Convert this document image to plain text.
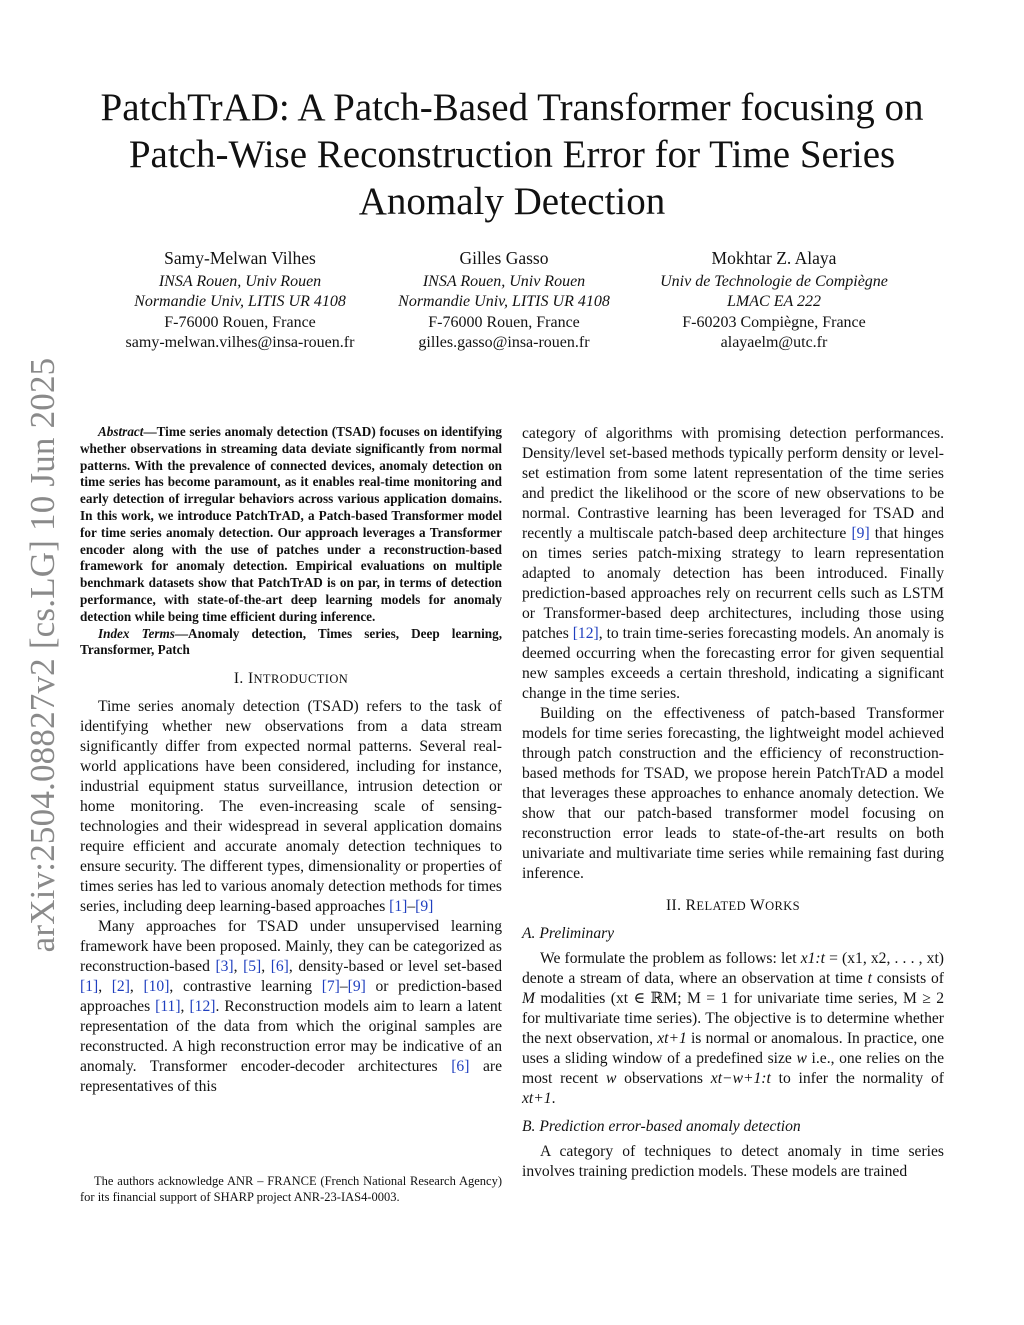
arXiv:2504.08827v2 [cs.LG] 10 Jun 2025
PatchTrAD: A Patch-Based Transformer focusing on Patch-Wise Reconstruction Error for Time Series Anomaly Detection
Samy-Melwan Vilhes
INSA Rouen, Univ Rouen
Normandie Univ, LITIS UR 4108
F-76000 Rouen, France
samy-melwan.vilhes@insa-rouen.fr
Gilles Gasso
INSA Rouen, Univ Rouen
Normandie Univ, LITIS UR 4108
F-76000 Rouen, France
gilles.gasso@insa-rouen.fr
Mokhtar Z. Alaya
Univ de Technologie de Compiègne
LMAC EA 222
F-60203 Compiègne, France
alayaelm@utc.fr

Abstract—Time series anomaly detection (TSAD) focuses on identifying whether observations in streaming data deviate significantly from normal patterns. With the prevalence of connected devices, anomaly detection on time series has become paramount, as it enables real-time monitoring and early detection of irregular behaviors across various application domains. In this work, we introduce PatchTrAD, a Patch-based Transformer model for time series anomaly detection. Our approach leverages a Transformer encoder along with the use of patches under a reconstruction-based framework for anomaly detection. Empirical evaluations on multiple benchmark datasets show that PatchTrAD is on par, in terms of detection performance, with state-of-the-art deep learning models for anomaly detection while being time efficient during inference.

Index Terms—Anomaly detection, Times series, Deep learning, Transformer, Patch

I. INTRODUCTION

Time series anomaly detection (TSAD) refers to the task of identifying whether new observations from a data stream significantly differ from expected normal patterns. Several real-world applications have been considered, including for instance, industrial equipment status surveillance, intrusion detection or home monitoring. The even-increasing scale of sensing-technologies and their widespread in several application domains require efficient and accurate anomaly detection techniques to ensure security. The different types, dimensionality or properties of times series has led to various anomaly detection methods for times series, including deep learning-based approaches [1]–[9]

Many approaches for TSAD under unsupervised learning framework have been proposed. Mainly, they can be categorized as reconstruction-based [3], [5], [6], density-based or level set-based [1], [2], [10], contrastive learning [7]–[9] or prediction-based approaches [11], [12]. Reconstruction models aim to learn a latent representation of the data from which the original samples are reconstructed. A high reconstruction error may be indicative of an anomaly. Transformer encoder-decoder architectures [6] are representatives of this

category of algorithms with promising detection performances. Density/level set-based methods typically perform density or level-set estimation from some latent representation of the time series and predict the likelihood or the score of new observations to be normal. Contrastive learning has been leveraged for TSAD and recently a multiscale patch-based deep architecture [9] that hinges on times series patch-mixing strategy to learn representation adapted to anomaly detection has been introduced. Finally prediction-based approaches rely on recurrent cells such as LSTM or Transformer-based deep architectures, including those using patches [12], to train time-series forecasting models. An anomaly is deemed occurring when the forecasting error for given sequential new samples exceeds a certain threshold, indicating a significant change in the time series.

Building on the effectiveness of patch-based Transformer models for time series forecasting, the lightweight model achieved through patch construction and the efficiency of reconstruction-based methods for TSAD, we propose herein PatchTrAD a model that leverages these approaches to enhance anomaly detection. We show that our patch-based transformer model focusing on reconstruction error leads to state-of-the-art results on both univariate and multivariate time series while remaining fast during inference.

II. RELATED WORKS
A. Preliminary

We formulate the problem as follows: let x1:t = (x1, x2, . . . , xt) denote a stream of data, where an observation at time t consists of M modalities (xt ∈ ℝM; M = 1 for univariate time series, M ≥ 2 for multivariate time series). The objective is to determine whether the next observation, xt+1 is normal or anomalous. In practice, one uses a sliding window of a predefined size w i.e., one relies on the most recent w observations xt−w+1:t to infer the normality of xt+1.

B. Prediction error-based anomaly detection

A category of techniques to detect anomaly in time series involves training prediction models. These models are trained

The authors acknowledge ANR – FRANCE (French National Research Agency) for its financial support of SHARP project ANR-23-IAS4-0003.
